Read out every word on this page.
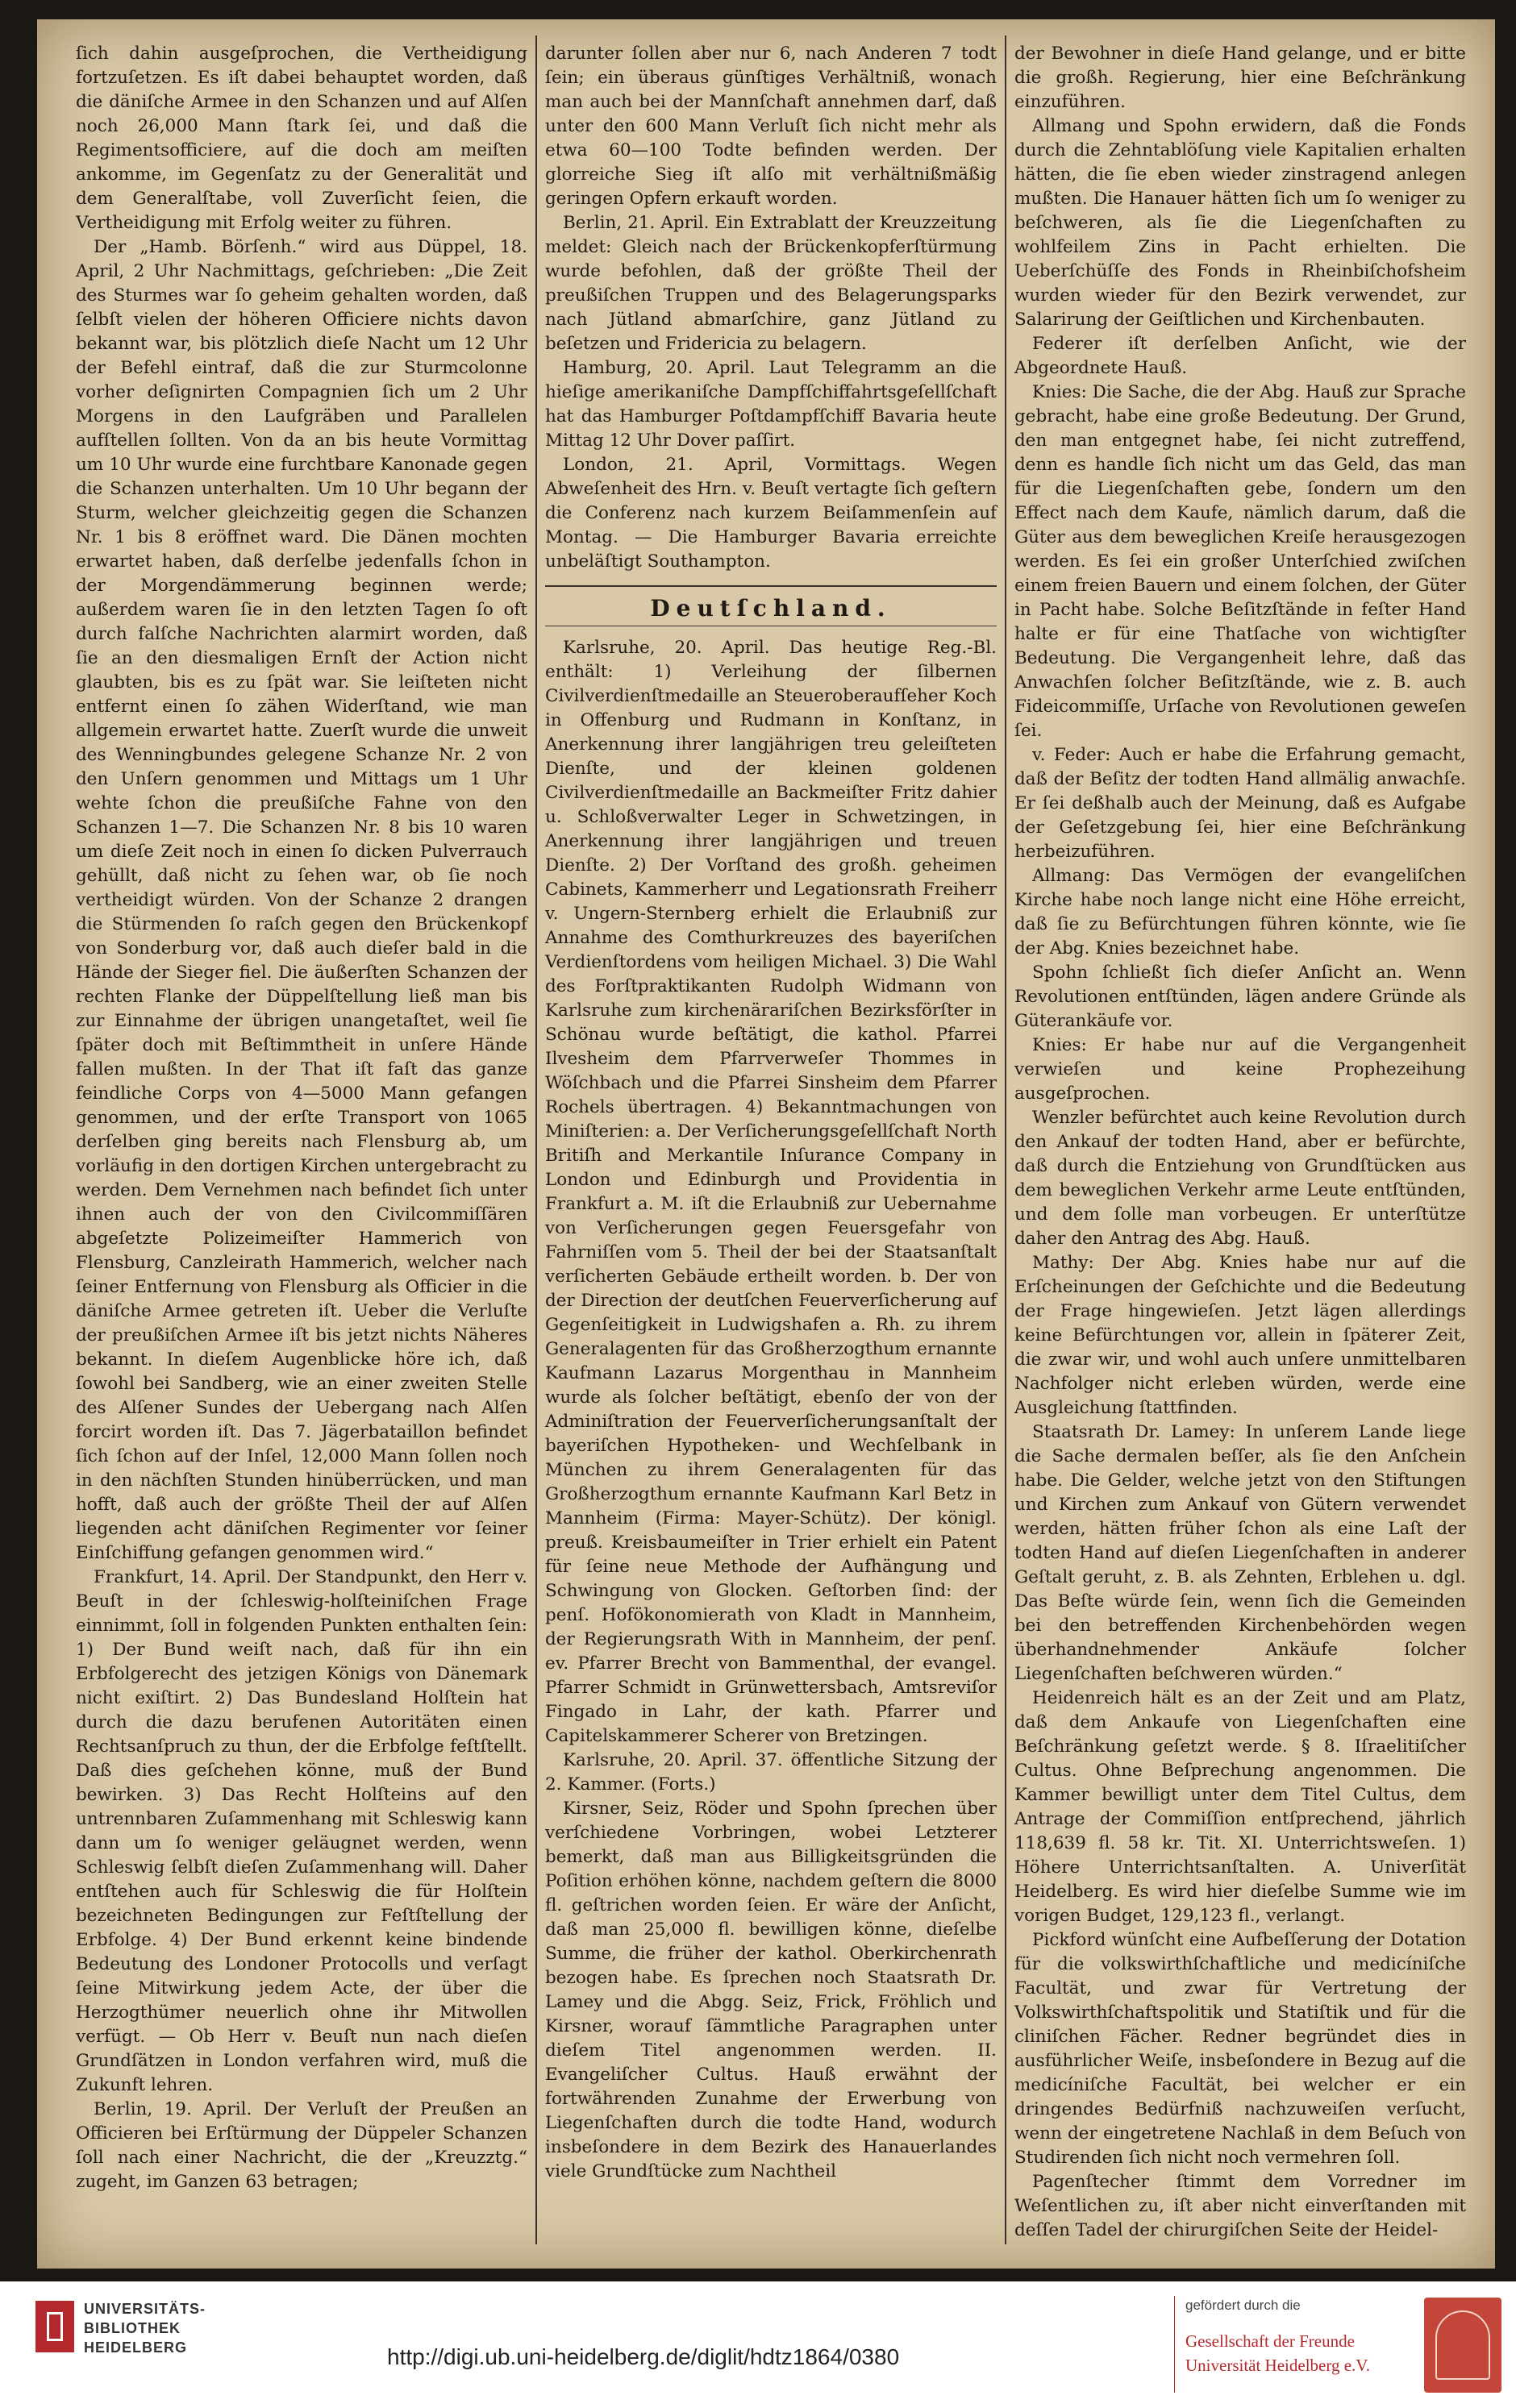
ſich dahin ausgeſprochen, die Vertheidigung fortzuſetzen. Es iſt dabei behauptet worden, daß die däniſche Armee in den Schanzen und auf Alſen noch 26,000 Mann ſtark ſei, und daß die Regimentsofficiere, auf die doch am meiſten ankomme, im Gegenſatz zu der Generalität und dem Generalſtabe, voll Zuverſicht ſeien, die Vertheidigung mit Erfolg weiter zu führen.

Der „Hamb. Börſenh.“ wird aus Düppel, 18. April, 2 Uhr Nachmittags, geſchrieben: „Die Zeit des Sturmes war ſo geheim gehalten worden, daß ſelbſt vielen der höheren Officiere nichts davon bekannt war, bis plötzlich dieſe Nacht um 12 Uhr der Befehl eintraf, daß die zur Sturmcolonne vorher deſignirten Compagnien ſich um 2 Uhr Morgens in den Laufgräben und Parallelen aufſtellen ſollten. Von da an bis heute Vormittag um 10 Uhr wurde eine furchtbare Kanonade gegen die Schanzen unterhalten. Um 10 Uhr begann der Sturm, welcher gleichzeitig gegen die Schanzen Nr. 1 bis 8 eröffnet ward. Die Dänen mochten erwartet haben, daß derſelbe jedenfalls ſchon in der Morgendämmerung beginnen werde; außerdem waren ſie in den letzten Tagen ſo oft durch falſche Nachrichten alarmirt worden, daß ſie an den diesmaligen Ernſt der Action nicht glaubten, bis es zu ſpät war. Sie leiſteten nicht entfernt einen ſo zähen Widerſtand, wie man allgemein erwartet hatte. Zuerſt wurde die unweit des Wenningbundes gelegene Schanze Nr. 2 von den Unſern genommen und Mittags um 1 Uhr wehte ſchon die preußiſche Fahne von den Schanzen 1—7. Die Schanzen Nr. 8 bis 10 waren um dieſe Zeit noch in einen ſo dicken Pulverrauch gehüllt, daß nicht zu ſehen war, ob ſie noch vertheidigt würden. Von der Schanze 2 drangen die Stürmenden ſo raſch gegen den Brückenkopf von Sonderburg vor, daß auch dieſer bald in die Hände der Sieger fiel. Die äußerſten Schanzen der rechten Flanke der Düppelſtellung ließ man bis zur Einnahme der übrigen unangetaſtet, weil ſie ſpäter doch mit Beſtimmtheit in unſere Hände fallen mußten. In der That iſt faſt das ganze feindliche Corps von 4—5000 Mann gefangen genommen, und der erſte Transport von 1065 derſelben ging bereits nach Flensburg ab, um vorläufig in den dortigen Kirchen untergebracht zu werden. Dem Vernehmen nach befindet ſich unter ihnen auch der von den Civilcommiſſären abgeſetzte Polizeimeiſter Hammerich von Flensburg, Canzleirath Hammerich, welcher nach ſeiner Entfernung von Flensburg als Officier in die däniſche Armee getreten iſt. Ueber die Verluſte der preußiſchen Armee iſt bis jetzt nichts Näheres bekannt. In dieſem Augenblicke höre ich, daß ſowohl bei Sandberg, wie an einer zweiten Stelle des Alſener Sundes der Uebergang nach Alſen forcirt worden iſt. Das 7. Jägerbataillon befindet ſich ſchon auf der Inſel, 12,000 Mann ſollen noch in den nächſten Stunden hinüberrücken, und man hofft, daß auch der größte Theil der auf Alſen liegenden acht däniſchen Regimenter vor ſeiner Einſchiffung gefangen genommen wird.“

Frankfurt, 14. April. Der Standpunkt, den Herr v. Beuſt in der ſchleswig-holſteiniſchen Frage einnimmt, ſoll in folgenden Punkten enthalten ſein: 1) Der Bund weiſt nach, daß für ihn ein Erbfolgerecht des jetzigen Königs von Dänemark nicht exiſtirt. 2) Das Bundesland Holſtein hat durch die dazu berufenen Autoritäten einen Rechtsanſpruch zu thun, der die Erbfolge feſtſtellt. Daß dies geſchehen könne, muß der Bund bewirken. 3) Das Recht Holſteins auf den untrennbaren Zuſammenhang mit Schleswig kann dann um ſo weniger geläugnet werden, wenn Schleswig ſelbſt dieſen Zuſammenhang will. Daher entſtehen auch für Schleswig die für Holſtein bezeichneten Bedingungen zur Feſtſtellung der Erbfolge. 4) Der Bund erkennt keine bindende Bedeutung des Londoner Protocolls und verſagt ſeine Mitwirkung jedem Acte, der über die Herzogthümer neuerlich ohne ihr Mitwollen verfügt. — Ob Herr v. Beuſt nun nach dieſen Grundſätzen in London verfahren wird, muß die Zukunft lehren.

Berlin, 19. April. Der Verluſt der Preußen an Officieren bei Erſtürmung der Düppeler Schanzen ſoll nach einer Nachricht, die der „Kreuzztg.“ zugeht, im Ganzen 63 betragen;

darunter ſollen aber nur 6, nach Anderen 7 todt ſein; ein überaus günſtiges Verhältniß, wonach man auch bei der Mannſchaft annehmen darf, daß unter den 600 Mann Verluſt ſich nicht mehr als etwa 60—100 Todte befinden werden. Der glorreiche Sieg iſt alſo mit verhältnißmäßig geringen Opfern erkauft worden.

Berlin, 21. April. Ein Extrablatt der Kreuzzeitung meldet: Gleich nach der Brückenkopferſtürmung wurde befohlen, daß der größte Theil der preußiſchen Truppen und des Belagerungsparks nach Jütland abmarſchire, ganz Jütland zu beſetzen und Fridericia zu belagern.

Hamburg, 20. April. Laut Telegramm an die hieſige amerikaniſche Dampfſchiffahrtsgeſellſchaft hat das Hamburger Poſtdampfſchiff Bavaria heute Mittag 12 Uhr Dover paſſirt.

London, 21. April, Vormittags. Wegen Abweſenheit des Hrn. v. Beuſt vertagte ſich geſtern die Conferenz nach kurzem Beiſammenſein auf Montag. — Die Hamburger Bavaria erreichte unbeläſtigt Southampton.

Deutſchland.

Karlsruhe, 20. April. Das heutige Reg.-Bl. enthält: 1) Verleihung der ſilbernen Civilverdienſtmedaille an Steueroberaufſeher Koch in Offenburg und Rudmann in Konſtanz, in Anerkennung ihrer langjährigen treu geleiſteten Dienſte, und der kleinen goldenen Civilverdienſtmedaille an Backmeiſter Fritz dahier u. Schloßverwalter Leger in Schwetzingen, in Anerkennung ihrer langjährigen und treuen Dienſte. 2) Der Vorſtand des großh. geheimen Cabinets, Kammerherr und Legationsrath Freiherr v. Ungern-Sternberg erhielt die Erlaubniß zur Annahme des Comthurkreuzes des bayeriſchen Verdienſtordens vom heiligen Michael. 3) Die Wahl des Forſtpraktikanten Rudolph Widmann von Karlsruhe zum kirchenärariſchen Bezirksförſter in Schönau wurde beſtätigt, die kathol. Pfarrei Ilvesheim dem Pfarrverweſer Thommes in Wöſchbach und die Pfarrei Sinsheim dem Pfarrer Rochels übertragen. 4) Bekanntmachungen von Miniſterien: a. Der Verſicherungsgeſellſchaft North Britiſh and Merkantile Inſurance Company in London und Edinburgh und Providentia in Frankfurt a. M. iſt die Erlaubniß zur Uebernahme von Verſicherungen gegen Feuersgefahr von Fahrniſſen vom 5. Theil der bei der Staatsanſtalt verſicherten Gebäude ertheilt worden. b. Der von der Direction der deutſchen Feuerverſicherung auf Gegenſeitigkeit in Ludwigshafen a. Rh. zu ihrem Generalagenten für das Großherzogthum ernannte Kaufmann Lazarus Morgenthau in Mannheim wurde als ſolcher beſtätigt, ebenſo der von der Adminiſtration der Feuerverſicherungsanſtalt der bayeriſchen Hypotheken- und Wechſelbank in München zu ihrem Generalagenten für das Großherzogthum ernannte Kaufmann Karl Betz in Mannheim (Firma: Mayer-Schütz). Der königl. preuß. Kreisbaumeiſter in Trier erhielt ein Patent für ſeine neue Methode der Aufhängung und Schwingung von Glocken. Geſtorben ſind: der penſ. Hofökonomierath von Kladt in Mannheim, der Regierungsrath With in Mannheim, der penſ. ev. Pfarrer Brecht von Bammenthal, der evangel. Pfarrer Schmidt in Grünwettersbach, Amtsreviſor Fingado in Lahr, der kath. Pfarrer und Capitelskammerer Scherer von Bretzingen.

Karlsruhe, 20. April. 37. öffentliche Sitzung der 2. Kammer. (Forts.)

Kirsner, Seiz, Röder und Spohn ſprechen über verſchiedene Vorbringen, wobei Letzterer bemerkt, daß man aus Billigkeitsgründen die Poſition erhöhen könne, nachdem geſtern die 8000 fl. geſtrichen worden ſeien. Er wäre der Anſicht, daß man 25,000 fl. bewilligen könne, dieſelbe Summe, die früher der kathol. Oberkirchenrath bezogen habe. Es ſprechen noch Staatsrath Dr. Lamey und die Abgg. Seiz, Frick, Fröhlich und Kirsner, worauf ſämmtliche Paragraphen unter dieſem Titel angenommen werden. II. Evangeliſcher Cultus. Hauß erwähnt der fortwährenden Zunahme der Erwerbung von Liegenſchaften durch die todte Hand, wodurch insbeſondere in dem Bezirk des Hanauerlandes viele Grundſtücke zum Nachtheil

der Bewohner in dieſe Hand gelange, und er bitte die großh. Regierung, hier eine Beſchränkung einzuführen.

Allmang und Spohn erwidern, daß die Fonds durch die Zehntablöſung viele Kapitalien erhalten hätten, die ſie eben wieder zinstragend anlegen mußten. Die Hanauer hätten ſich um ſo weniger zu beſchweren, als ſie die Liegenſchaften zu wohlfeilem Zins in Pacht erhielten. Die Ueberſchüſſe des Fonds in Rheinbiſchofsheim wurden wieder für den Bezirk verwendet, zur Salarirung der Geiſtlichen und Kirchenbauten.

Federer iſt derſelben Anſicht, wie der Abgeordnete Hauß.

Knies: Die Sache, die der Abg. Hauß zur Sprache gebracht, habe eine große Bedeutung. Der Grund, den man entgegnet habe, ſei nicht zutreffend, denn es handle ſich nicht um das Geld, das man für die Liegenſchaften gebe, ſondern um den Effect nach dem Kaufe, nämlich darum, daß die Güter aus dem beweglichen Kreiſe herausgezogen werden. Es ſei ein großer Unterſchied zwiſchen einem freien Bauern und einem ſolchen, der Güter in Pacht habe. Solche Beſitzſtände in feſter Hand halte er für eine Thatſache von wichtigſter Bedeutung. Die Vergangenheit lehre, daß das Anwachſen ſolcher Beſitzſtände, wie z. B. auch Fideicommiſſe, Urſache von Revolutionen geweſen ſei.

v. Feder: Auch er habe die Erfahrung gemacht, daß der Beſitz der todten Hand allmälig anwachſe. Er ſei deßhalb auch der Meinung, daß es Aufgabe der Geſetzgebung ſei, hier eine Beſchränkung herbeizuführen.

Allmang: Das Vermögen der evangeliſchen Kirche habe noch lange nicht eine Höhe erreicht, daß ſie zu Befürchtungen führen könnte, wie ſie der Abg. Knies bezeichnet habe.

Spohn ſchließt ſich dieſer Anſicht an. Wenn Revolutionen entſtünden, lägen andere Gründe als Güterankäufe vor.

Knies: Er habe nur auf die Vergangenheit verwieſen und keine Prophezeihung ausgeſprochen.

Wenzler befürchtet auch keine Revolution durch den Ankauf der todten Hand, aber er befürchte, daß durch die Entziehung von Grundſtücken aus dem beweglichen Verkehr arme Leute entſtünden, und dem ſolle man vorbeugen. Er unterſtütze daher den Antrag des Abg. Hauß.

Mathy: Der Abg. Knies habe nur auf die Erſcheinungen der Geſchichte und die Bedeutung der Frage hingewieſen. Jetzt lägen allerdings keine Befürchtungen vor, allein in ſpäterer Zeit, die zwar wir, und wohl auch unſere unmittelbaren Nachfolger nicht erleben würden, werde eine Ausgleichung ſtattfinden.

Staatsrath Dr. Lamey: In unſerem Lande liege die Sache dermalen beſſer, als ſie den Anſchein habe. Die Gelder, welche jetzt von den Stiftungen und Kirchen zum Ankauf von Gütern verwendet werden, hätten früher ſchon als eine Laſt der todten Hand auf dieſen Liegenſchaften in anderer Geſtalt geruht, z. B. als Zehnten, Erblehen u. dgl. Das Beſte würde ſein, wenn ſich die Gemeinden bei den betreffenden Kirchenbehörden wegen überhandnehmender Ankäufe ſolcher Liegenſchaften beſchweren würden.“

Heidenreich hält es an der Zeit und am Platz, daß dem Ankaufe von Liegenſchaften eine Beſchränkung geſetzt werde. § 8. Iſraelitiſcher Cultus. Ohne Beſprechung angenommen. Die Kammer bewilligt unter dem Titel Cultus, dem Antrage der Commiſſion entſprechend, jährlich 118,639 fl. 58 kr. Tit. XI. Unterrichtsweſen. 1) Höhere Unterrichtsanſtalten. A. Univerſität Heidelberg. Es wird hier dieſelbe Summe wie im vorigen Budget, 129,123 fl., verlangt.

Pickford wünſcht eine Aufbeſſerung der Dotation für die volkswirthſchaftliche und medicíniſche Facultät, und zwar für Vertretung der Volkswirthſchaftspolitik und Statiſtik und für die cliniſchen Fächer. Redner begründet dies in ausführlicher Weiſe, insbeſondere in Bezug auf die medicíniſche Facultät, bei welcher er ein dringendes Bedürfniß nachzuweiſen verſucht, wenn der eingetretene Nachlaß in dem Beſuch von Studirenden ſich nicht noch vermehren ſoll.

Pagenſtecher ſtimmt dem Vorredner im Weſentlichen zu, iſt aber nicht einverſtanden mit deſſen Tadel der chirurgiſchen Seite der Heidel-

UNIVERSITÄTS-
BIBLIOTHEK
HEIDELBERG	http://digi.ub.uni-heidelberg.de/diglit/hdtz1864/0380
gefördert durch die
Gesellschaft der Freunde
Universität Heidelberg e.V.
